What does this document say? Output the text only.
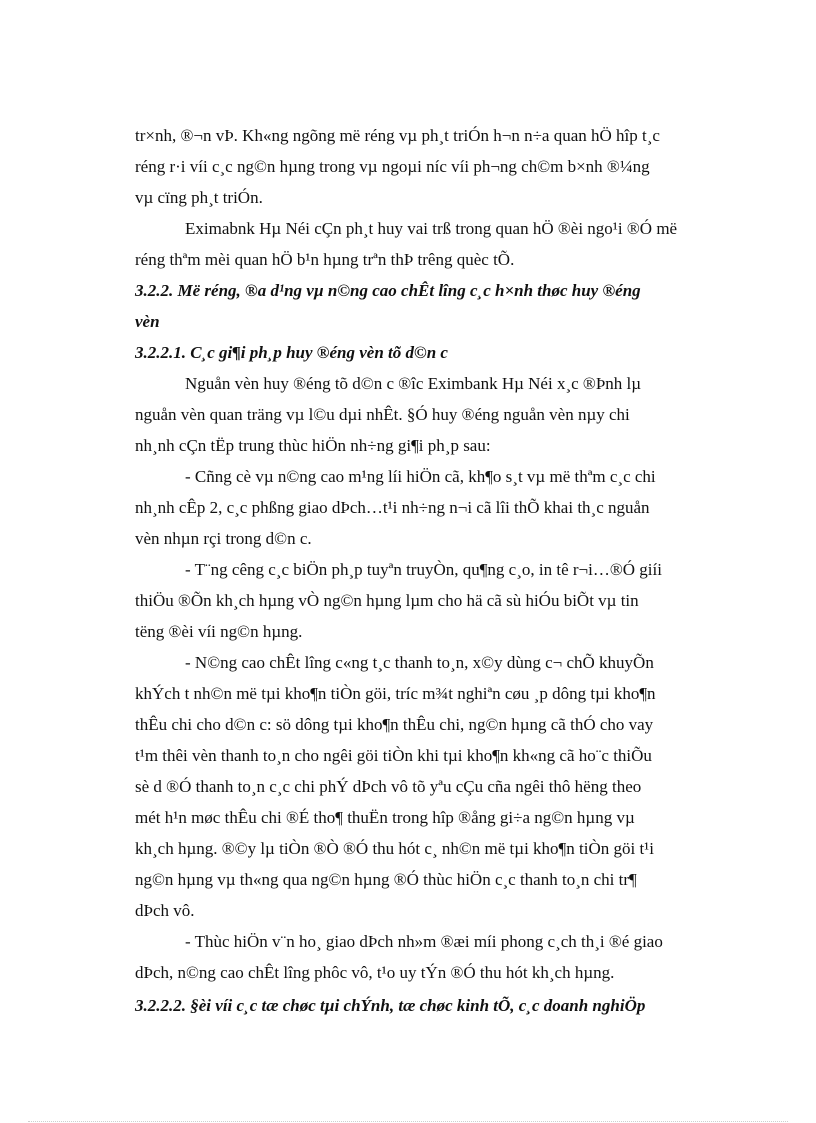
tr×nh, ®¬n vÞ. Kh«ng ngõng më réng vµ ph¸t triÓn h¬n n÷a quan hÖ hîp t¸c
réng r·i víi c¸c ng©n hµng trong vµ ngoµi níc víi ph¬ng ch©m b×nh ®¼ng
vµ cïng ph¸t triÓn.
Eximabnk Hµ Néi cÇn ph¸t huy vai trß trong quan hÖ ®èi ngo¹i ®Ó më
réng thªm mèi quan hÖ b¹n hµng trªn thÞ trêng quèc tÕ.
3.2.2. Më réng, ®a d¹ng vµ n©ng cao chÊt lîng c¸c h×nh thøc huy ®éng
vèn
3.2.2.1. C¸c gi¶i ph¸p huy ®éng vèn tõ d©n c
Nguån vèn huy ®éng tõ d©n c ®îc Eximbank Hµ Néi x¸c ®Þnh lµ
nguån vèn quan träng vµ l©u dµi nhÊt. §Ó huy ®éng nguån vèn nµy chi
nh¸nh cÇn tËp trung thùc hiÖn nh÷ng gi¶i ph¸p sau:
- Cñng cè vµ n©ng cao m¹ng líi hiÖn cã, kh¶o s¸t vµ më thªm c¸c chi
nh¸nh cÊp 2, c¸c phßng giao dÞch…t¹i nh÷ng n¬i cã lîi thÕ khai th¸c nguån
vèn nhµn rçi trong d©n c.
- T¨ng cêng c¸c biÖn ph¸p tuyªn truyÒn, qu¶ng c¸o, in tê r¬i…®Ó giíi
thiÖu ®Õn kh¸ch hµng vÒ ng©n hµng lµm cho hä cã sù hiÓu biÕt vµ tin
tëng ®èi víi ng©n hµng.
- N©ng cao chÊt lîng c«ng t¸c thanh to¸n, x©y dùng c¬ chÕ khuyÕn
khÝch t nh©n më tµi kho¶n tiÒn göi, tríc m¾t nghiªn cøu ¸p dông tµi kho¶n
thÊu chi cho d©n c: sö dông tµi kho¶n thÊu chi, ng©n hµng cã thÓ cho vay
t¹m thêi vèn thanh to¸n cho ngêi göi tiÒn khi tµi kho¶n kh«ng cã ho¨c thiÕu
sè d ®Ó thanh to¸n c¸c chi phÝ dÞch vô tõ yªu cÇu cña ngêi thô hëng theo
mét h¹n møc thÊu chi ®É tho¶ thuËn trong hîp ®ång gi÷a ng©n hµng vµ
kh¸ch hµng. ®©y lµ tiÒn ®Ò ®Ó thu hót c¸ nh©n më tµi kho¶n tiÒn göi t¹i
ng©n hµng vµ th«ng qua ng©n hµng ®Ó thùc hiÖn c¸c thanh to¸n chi tr¶
dÞch vô.
- Thùc hiÖn v¨n ho¸ giao dÞch nh»m ®æi míi phong c¸ch th¸i ®é giao
dÞch, n©ng cao chÊt lîng phôc vô, t¹o uy tÝn ®Ó thu hót kh¸ch hµng.
3.2.2.2. §èi víi c¸c tæ chøc tµi chÝnh, tæ chøc kinh tÕ, c¸c doanh nghiÖp
